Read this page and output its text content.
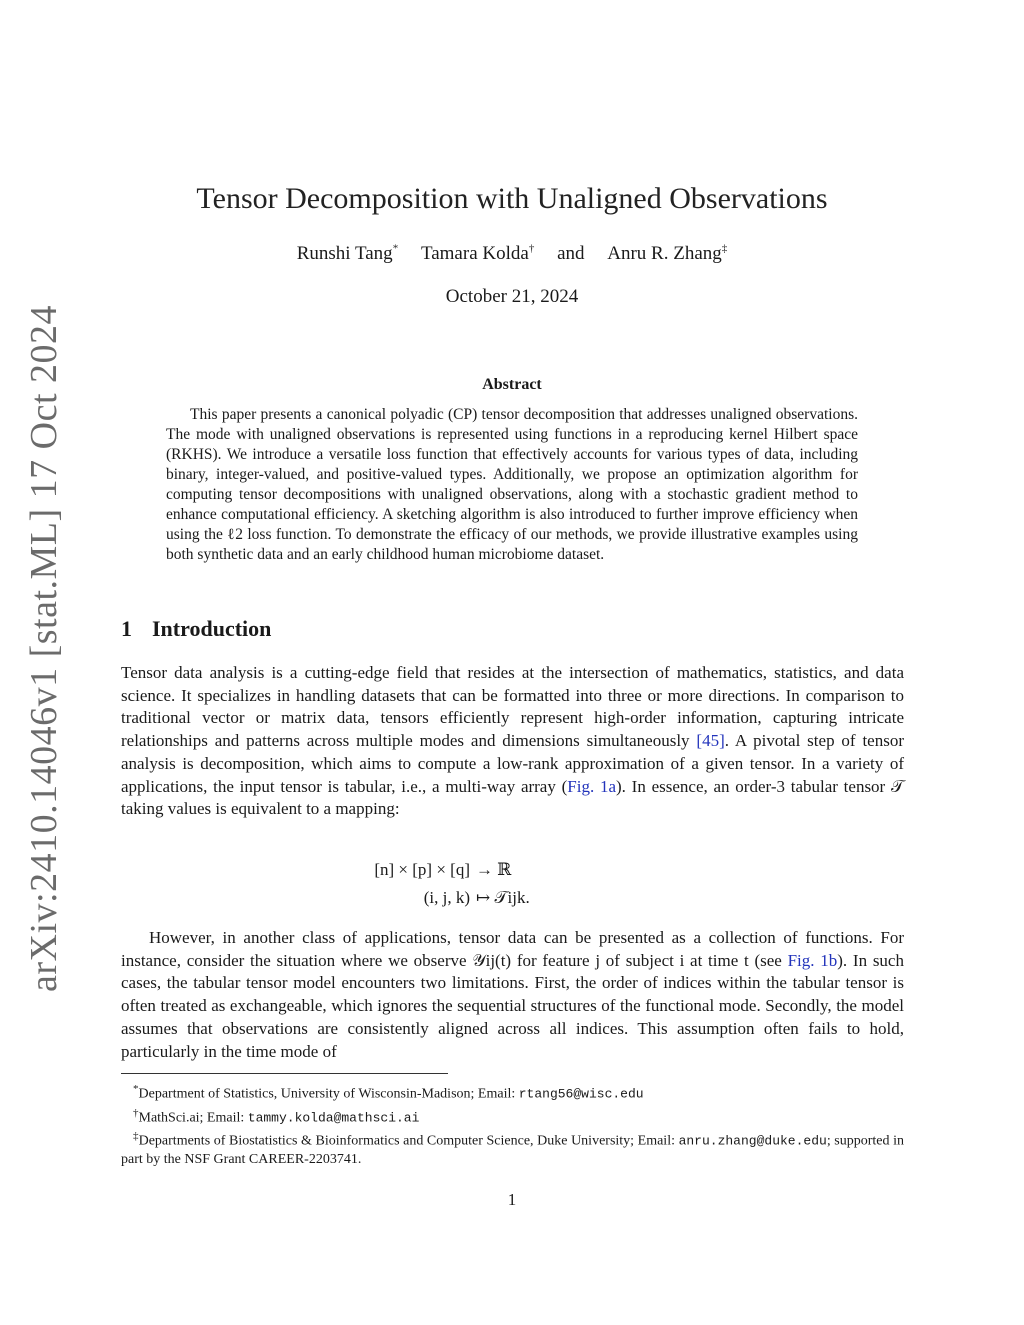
arXiv:2410.14046v1 [stat.ML] 17 Oct 2024
Tensor Decomposition with Unaligned Observations
Runshi Tang* Tamara Kolda† and Anru R. Zhang‡
October 21, 2024
Abstract

This paper presents a canonical polyadic (CP) tensor decomposition that addresses unaligned observations. The mode with unaligned observations is represented using functions in a reproducing kernel Hilbert space (RKHS). We introduce a versatile loss function that effectively accounts for various types of data, including binary, integer-valued, and positive-valued types. Additionally, we propose an optimization algorithm for computing tensor decompositions with unaligned observations, along with a stochastic gradient method to enhance computational efficiency. A sketching algorithm is also introduced to further improve efficiency when using the ℓ2 loss function. To demonstrate the efficacy of our methods, we provide illustrative examples using both synthetic data and an early childhood human microbiome dataset.

1 Introduction

Tensor data analysis is a cutting-edge field that resides at the intersection of mathematics, statistics, and data science. It specializes in handling datasets that can be formatted into three or more directions. In comparison to traditional vector or matrix data, tensors efficiently represent high-order information, capturing intricate relationships and patterns across multiple modes and dimensions simultaneously [45]. A pivotal step of tensor analysis is decomposition, which aims to compute a low-rank approximation of a given tensor. In a variety of applications, the input tensor is tabular, i.e., a multi-way array (Fig. 1a). In essence, an order-3 tabular tensor 𝒯 taking values is equivalent to a mapping:

[n] × [p] × [q] → ℝ
(i, j, k) ↦ 𝒯ijk.

However, in another class of applications, tensor data can be presented as a collection of functions. For instance, consider the situation where we observe 𝒴ij(t) for feature j of subject i at time t (see Fig. 1b). In such cases, the tabular tensor model encounters two limitations. First, the order of indices within the tabular tensor is often treated as exchangeable, which ignores the sequential structures of the functional mode. Secondly, the model assumes that observations are consistently aligned across all indices. This assumption often fails to hold, particularly in the time mode of

*Department of Statistics, University of Wisconsin-Madison; Email: rtang56@wisc.edu

†MathSci.ai; Email: tammy.kolda@mathsci.ai

‡Departments of Biostatistics & Bioinformatics and Computer Science, Duke University; Email: anru.zhang@duke.edu; supported in part by the NSF Grant CAREER-2203741.

1
